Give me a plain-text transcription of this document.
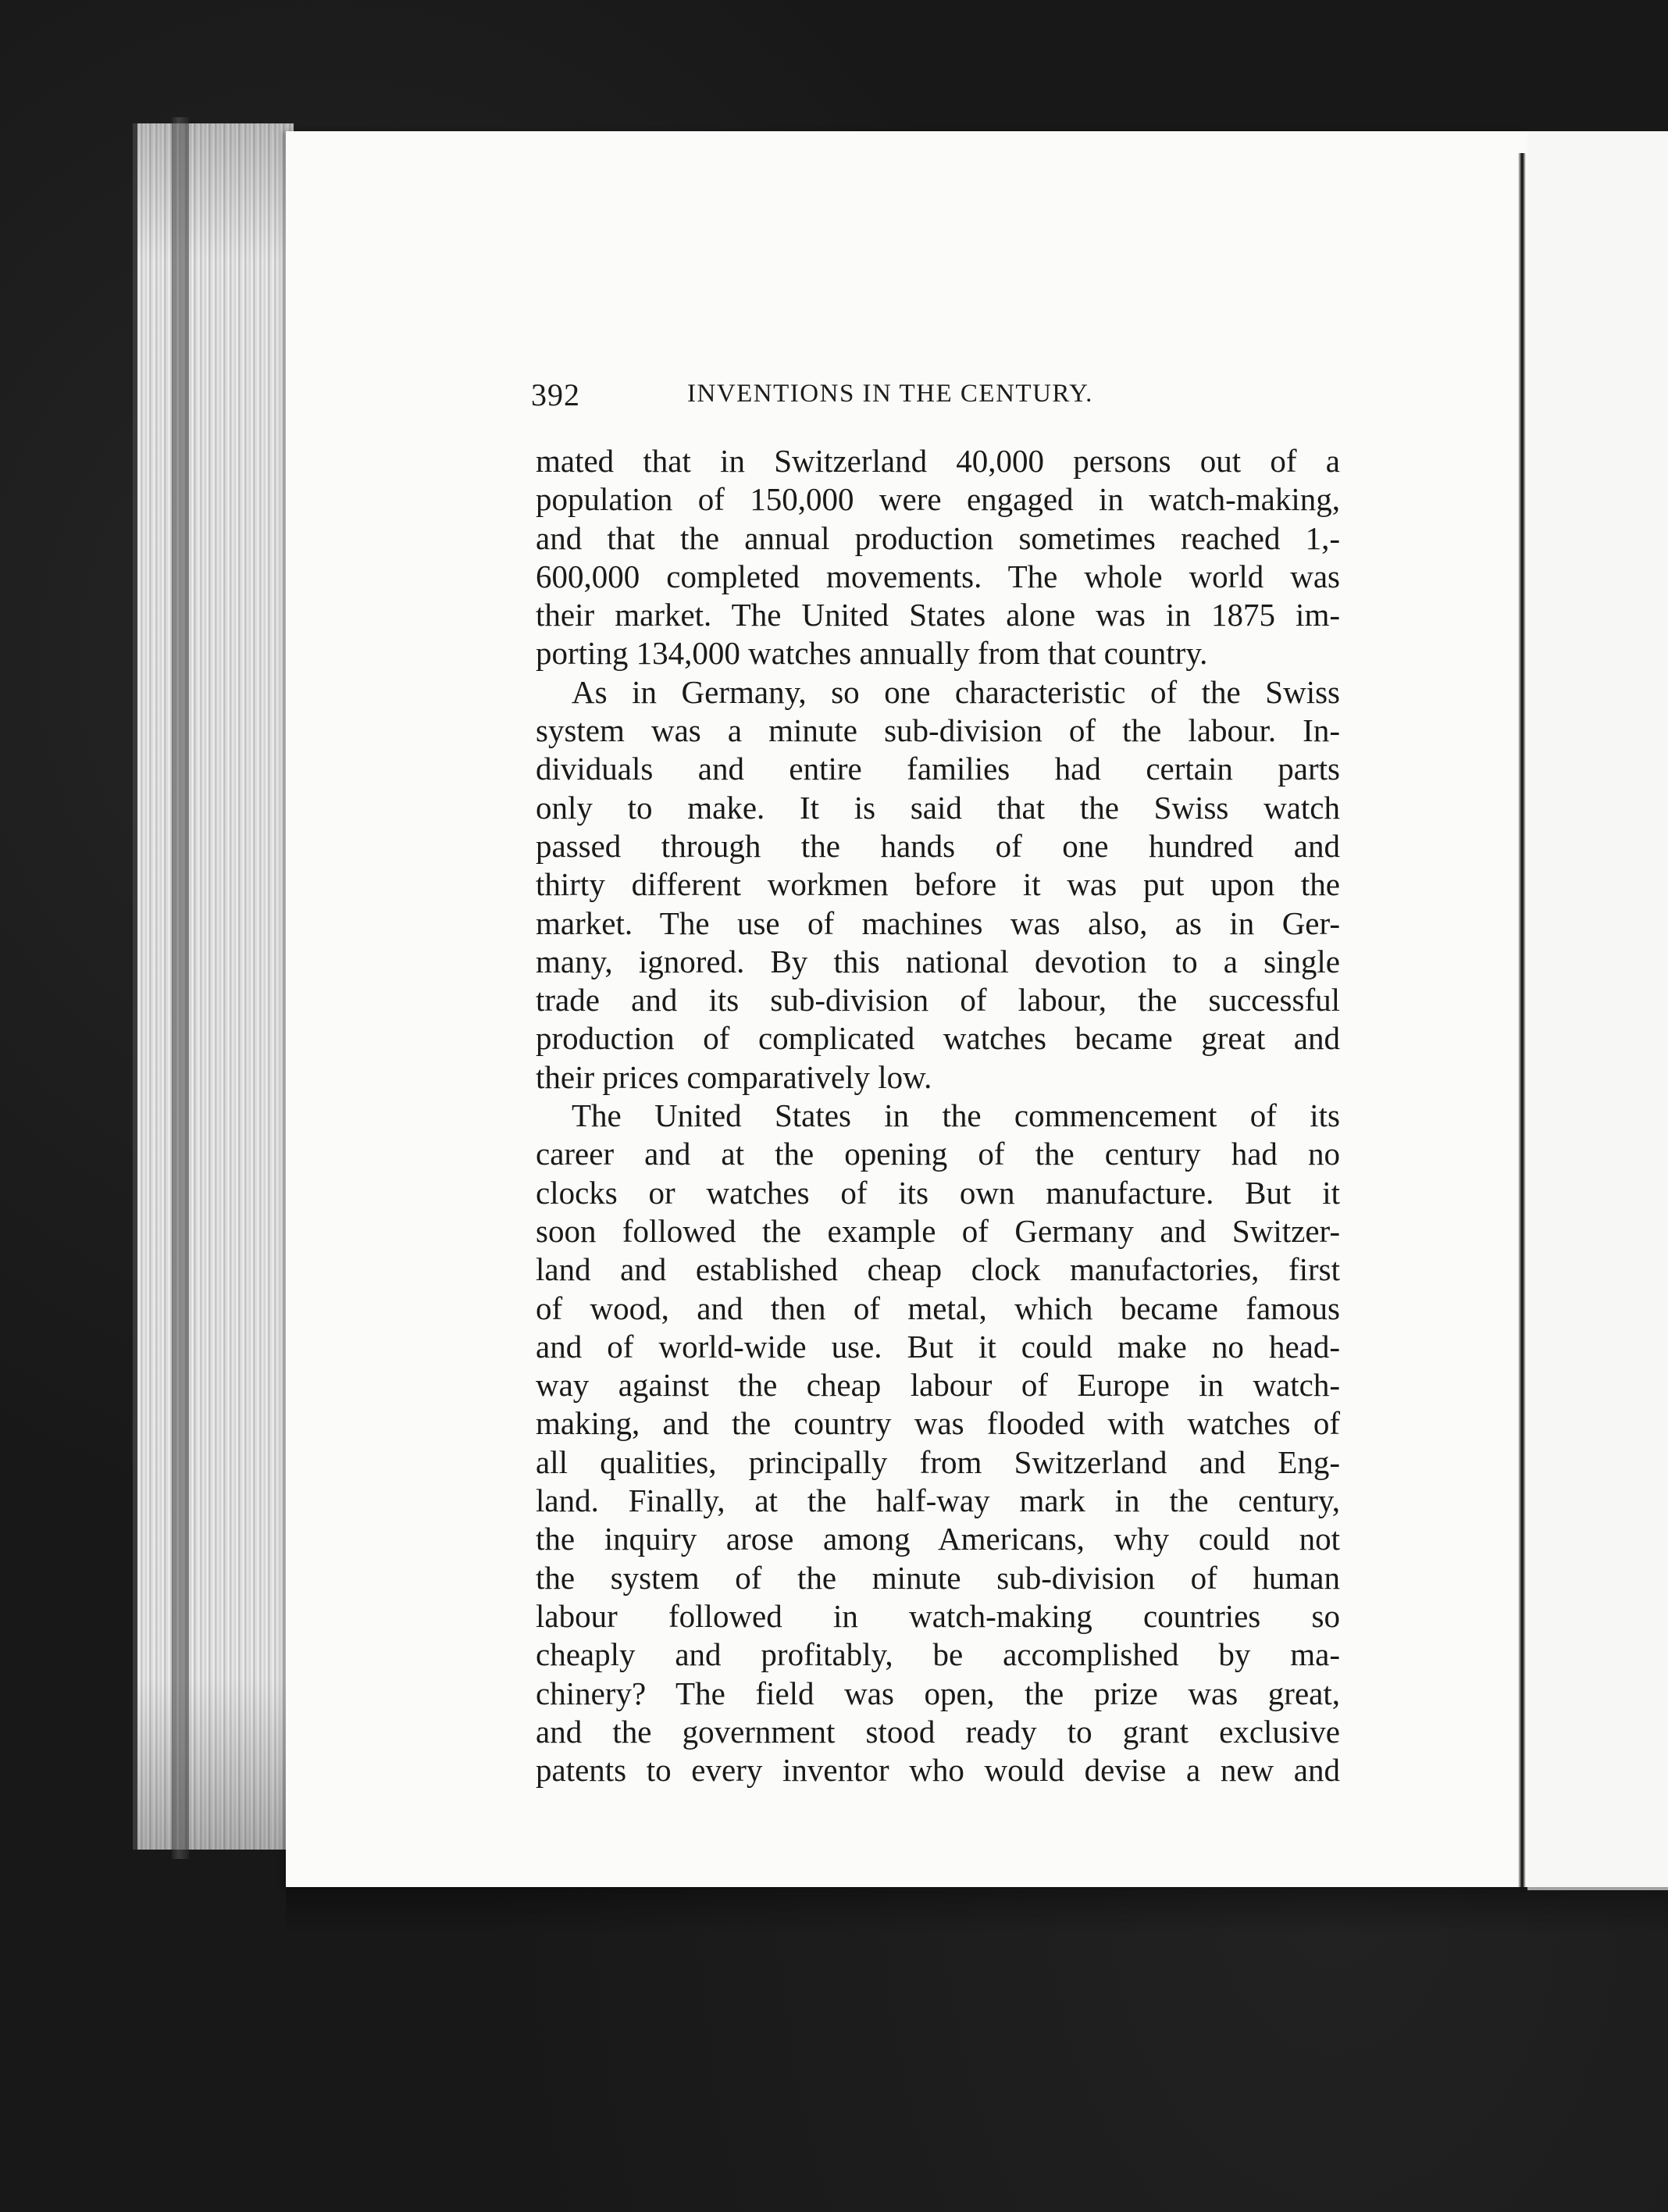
392	INVENTIONS IN THE CENTURY.
mated that in Switzerland 40,000 persons out of a
population of 150,000 were engaged in watch-making,
and that the annual production sometimes reached 1,-
600,000 completed movements. The whole world was
their market. The United States alone was in 1875 im-
porting 134,000 watches annually from that country.
As in Germany, so one characteristic of the Swiss
system was a minute sub-division of the labour. In-
dividuals and entire families had certain parts
only to make. It is said that the Swiss watch
passed through the hands of one hundred and
thirty different workmen before it was put upon the
market. The use of machines was also, as in Ger-
many, ignored. By this national devotion to a single
trade and its sub-division of labour, the successful
production of complicated watches became great and
their prices comparatively low.
The United States in the commencement of its
career and at the opening of the century had no
clocks or watches of its own manufacture. But it
soon followed the example of Germany and Switzer-
land and established cheap clock manufactories, first
of wood, and then of metal, which became famous
and of world-wide use. But it could make no head-
way against the cheap labour of Europe in watch-
making, and the country was flooded with watches of
all qualities, principally from Switzerland and Eng-
land. Finally, at the half-way mark in the century,
the inquiry arose among Americans, why could not
the system of the minute sub-division of human
labour followed in watch-making countries so
cheaply and profitably, be accomplished by ma-
chinery? The field was open, the prize was great,
and the government stood ready to grant exclusive
patents to every inventor who would devise a new and
